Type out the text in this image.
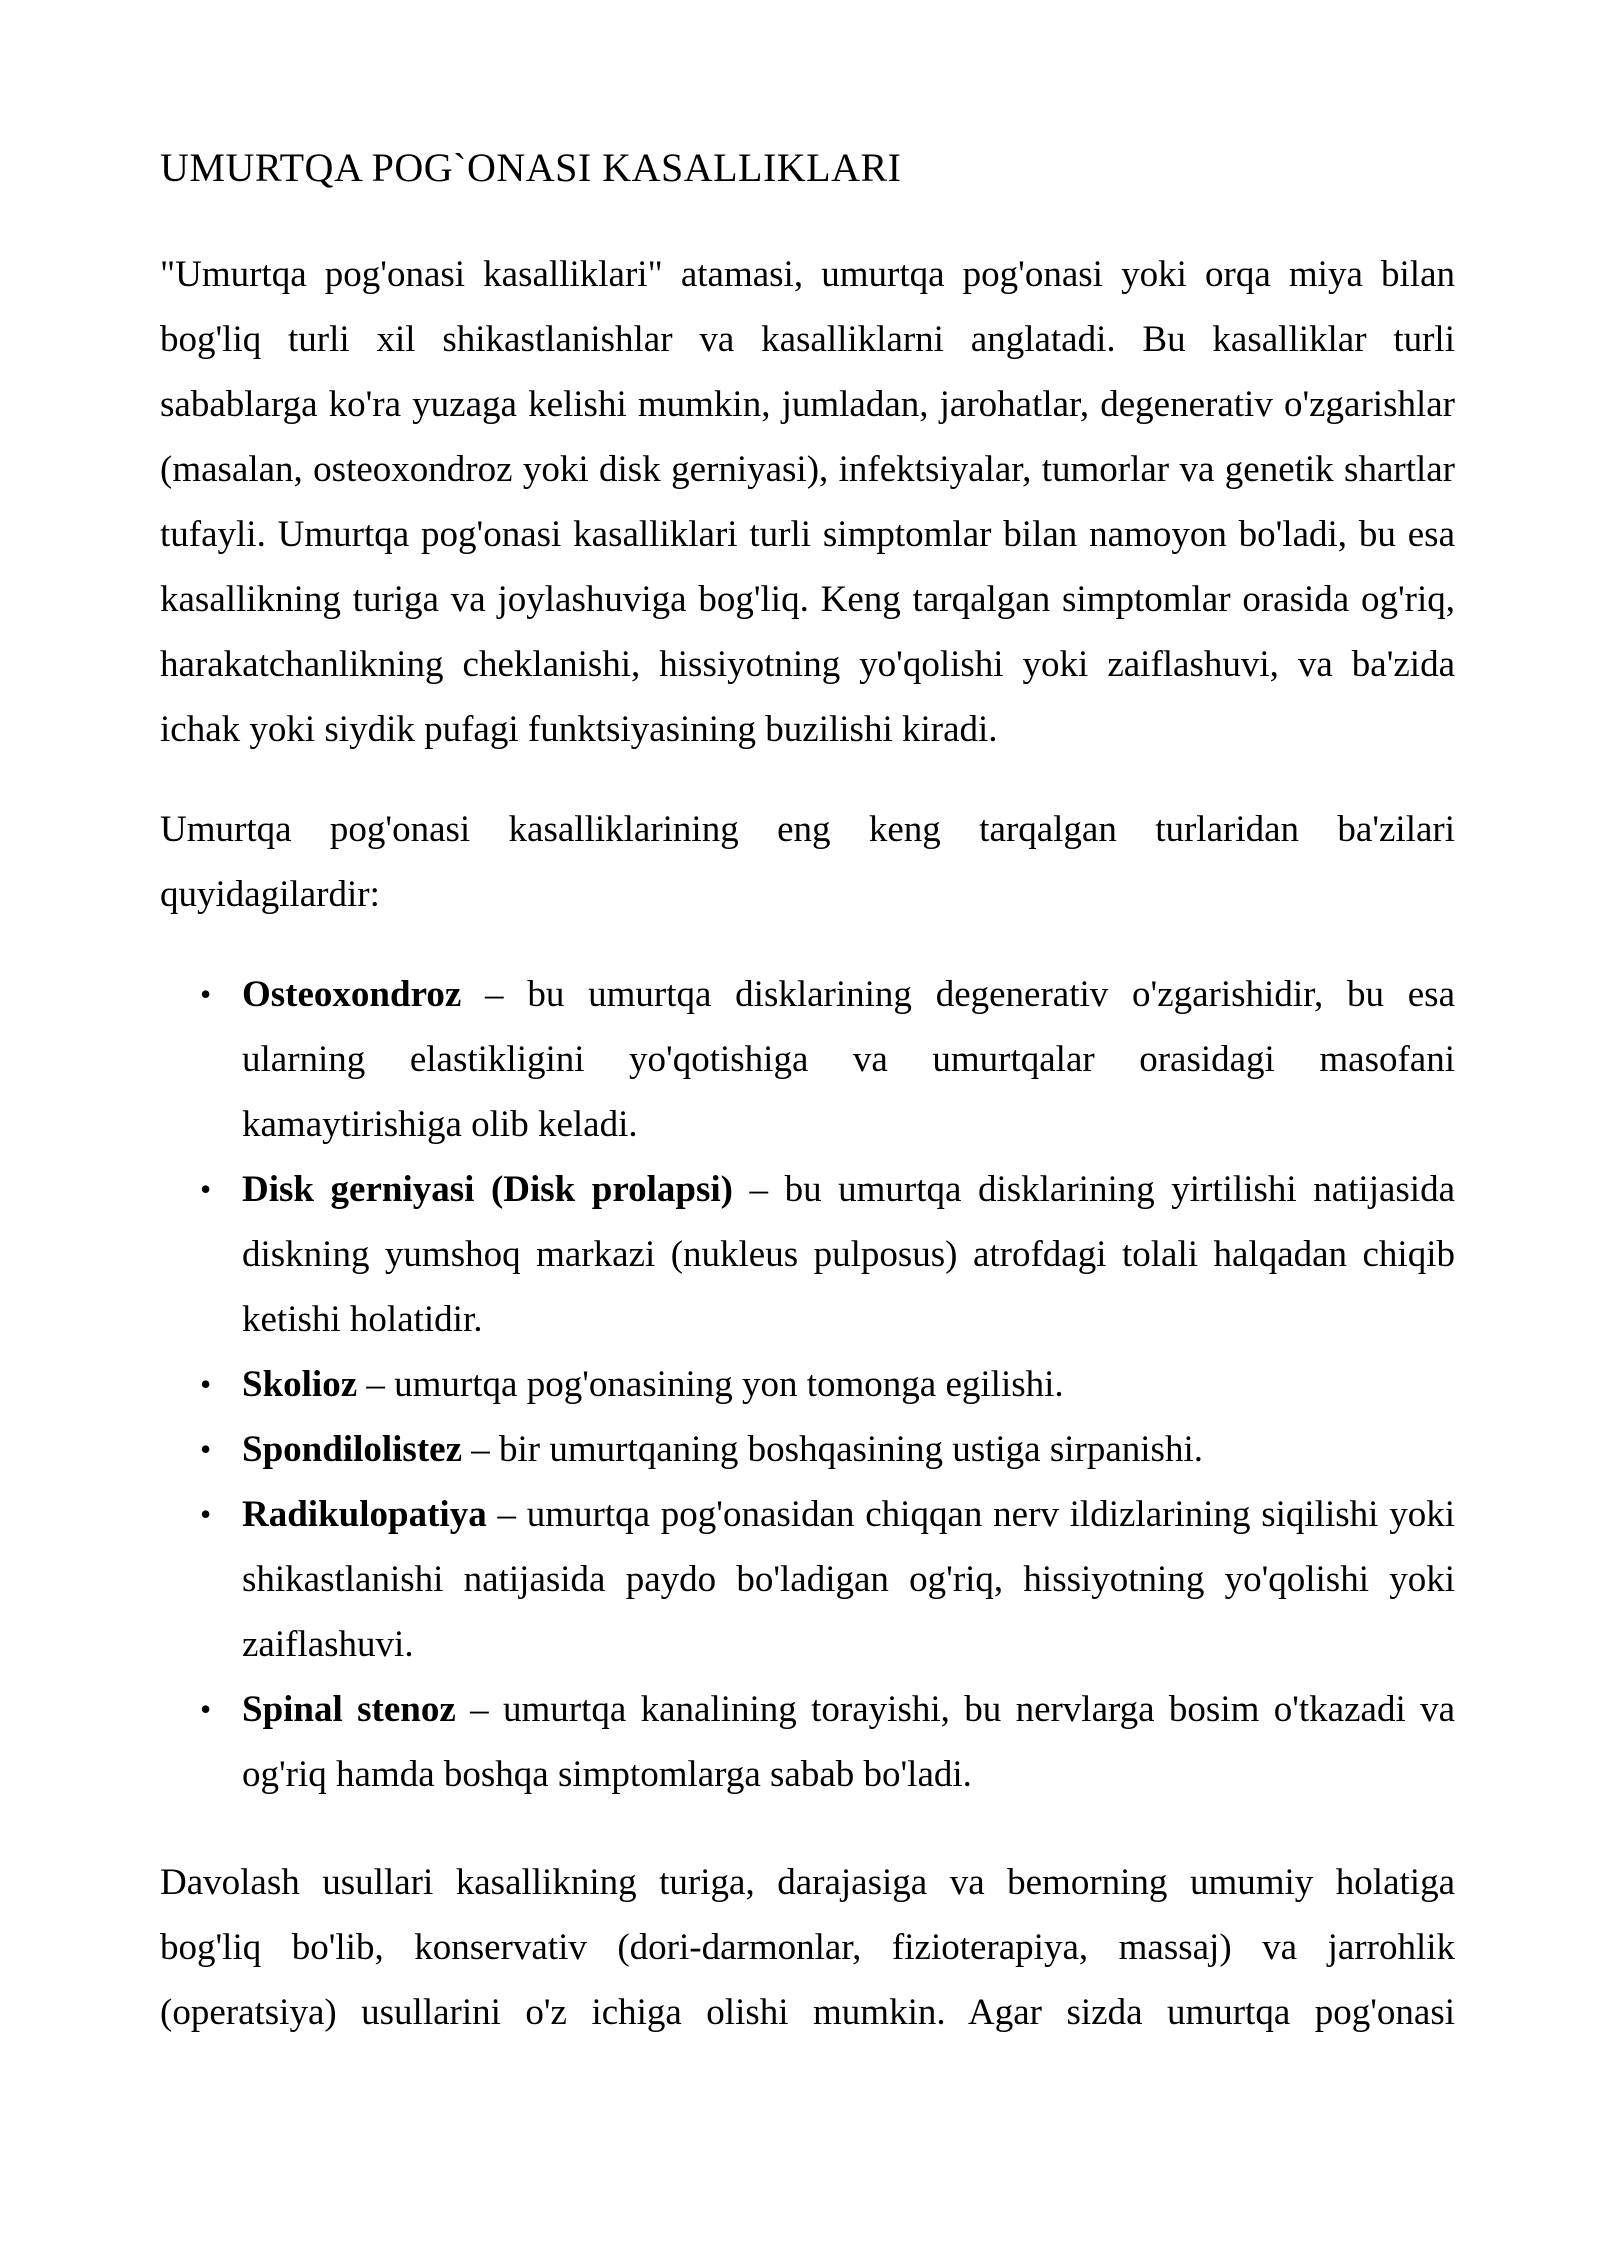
UMURTQA POG`ONASI KASALLIKLARI

"Umurtqa pog'onasi kasalliklari" atamasi, umurtqa pog'onasi yoki orqa miya bilan bog'liq turli xil shikastlanishlar va kasalliklarni anglatadi. Bu kasalliklar turli sabablarga ko'ra yuzaga kelishi mumkin, jumladan, jarohatlar, degenerativ o'zgarishlar (masalan, osteoxondroz yoki disk gerniyasi), infektsiyalar, tumorlar va genetik shartlar tufayli. Umurtqa pog'onasi kasalliklari turli simptomlar bilan namoyon bo'ladi, bu esa kasallikning turiga va joylashuviga bog'liq. Keng tarqalgan simptomlar orasida og'riq, harakatchanlikning cheklanishi, hissiyotning yo'qolishi yoki zaiflashuvi, va ba'zida ichak yoki siydik pufagi funktsiyasining buzilishi kiradi.

Umurtqa pog'onasi kasalliklarining eng keng tarqalgan turlaridan ba'zilari quyidagilardir:

• Osteoxondroz – bu umurtqa disklarining degenerativ o'zgarishidir, bu esa ularning elastikligini yo'qotishiga va umurtqalar orasidagi masofani kamaytirishiga olib keladi.
• Disk gerniyasi (Disk prolapsi) – bu umurtqa disklarining yirtilishi natijasida diskning yumshoq markazi (nukleus pulposus) atrofdagi tolali halqadan chiqib ketishi holatidir.
• Skolioz – umurtqa pog'onasining yon tomonga egilishi.
• Spondilolistez – bir umurtqaning boshqasining ustiga sirpanishi.
• Radikulopatiya – umurtqa pog'onasidan chiqqan nerv ildizlarining siqilishi yoki shikastlanishi natijasida paydo bo'ladigan og'riq, hissiyotning yo'qolishi yoki zaiflashuvi.
• Spinal stenoz – umurtqa kanalining torayishi, bu nervlarga bosim o'tkazadi va og'riq hamda boshqa simptomlarga sabab bo'ladi.

Davolash usullari kasallikning turiga, darajasiga va bemorning umumiy holatiga bog'liq bo'lib, konservativ (dori-darmonlar, fizioterapiya, massaj) va jarrohlik (operatsiya) usullarini o'z ichiga olishi mumkin. Agar sizda umurtqa pog'onasi
